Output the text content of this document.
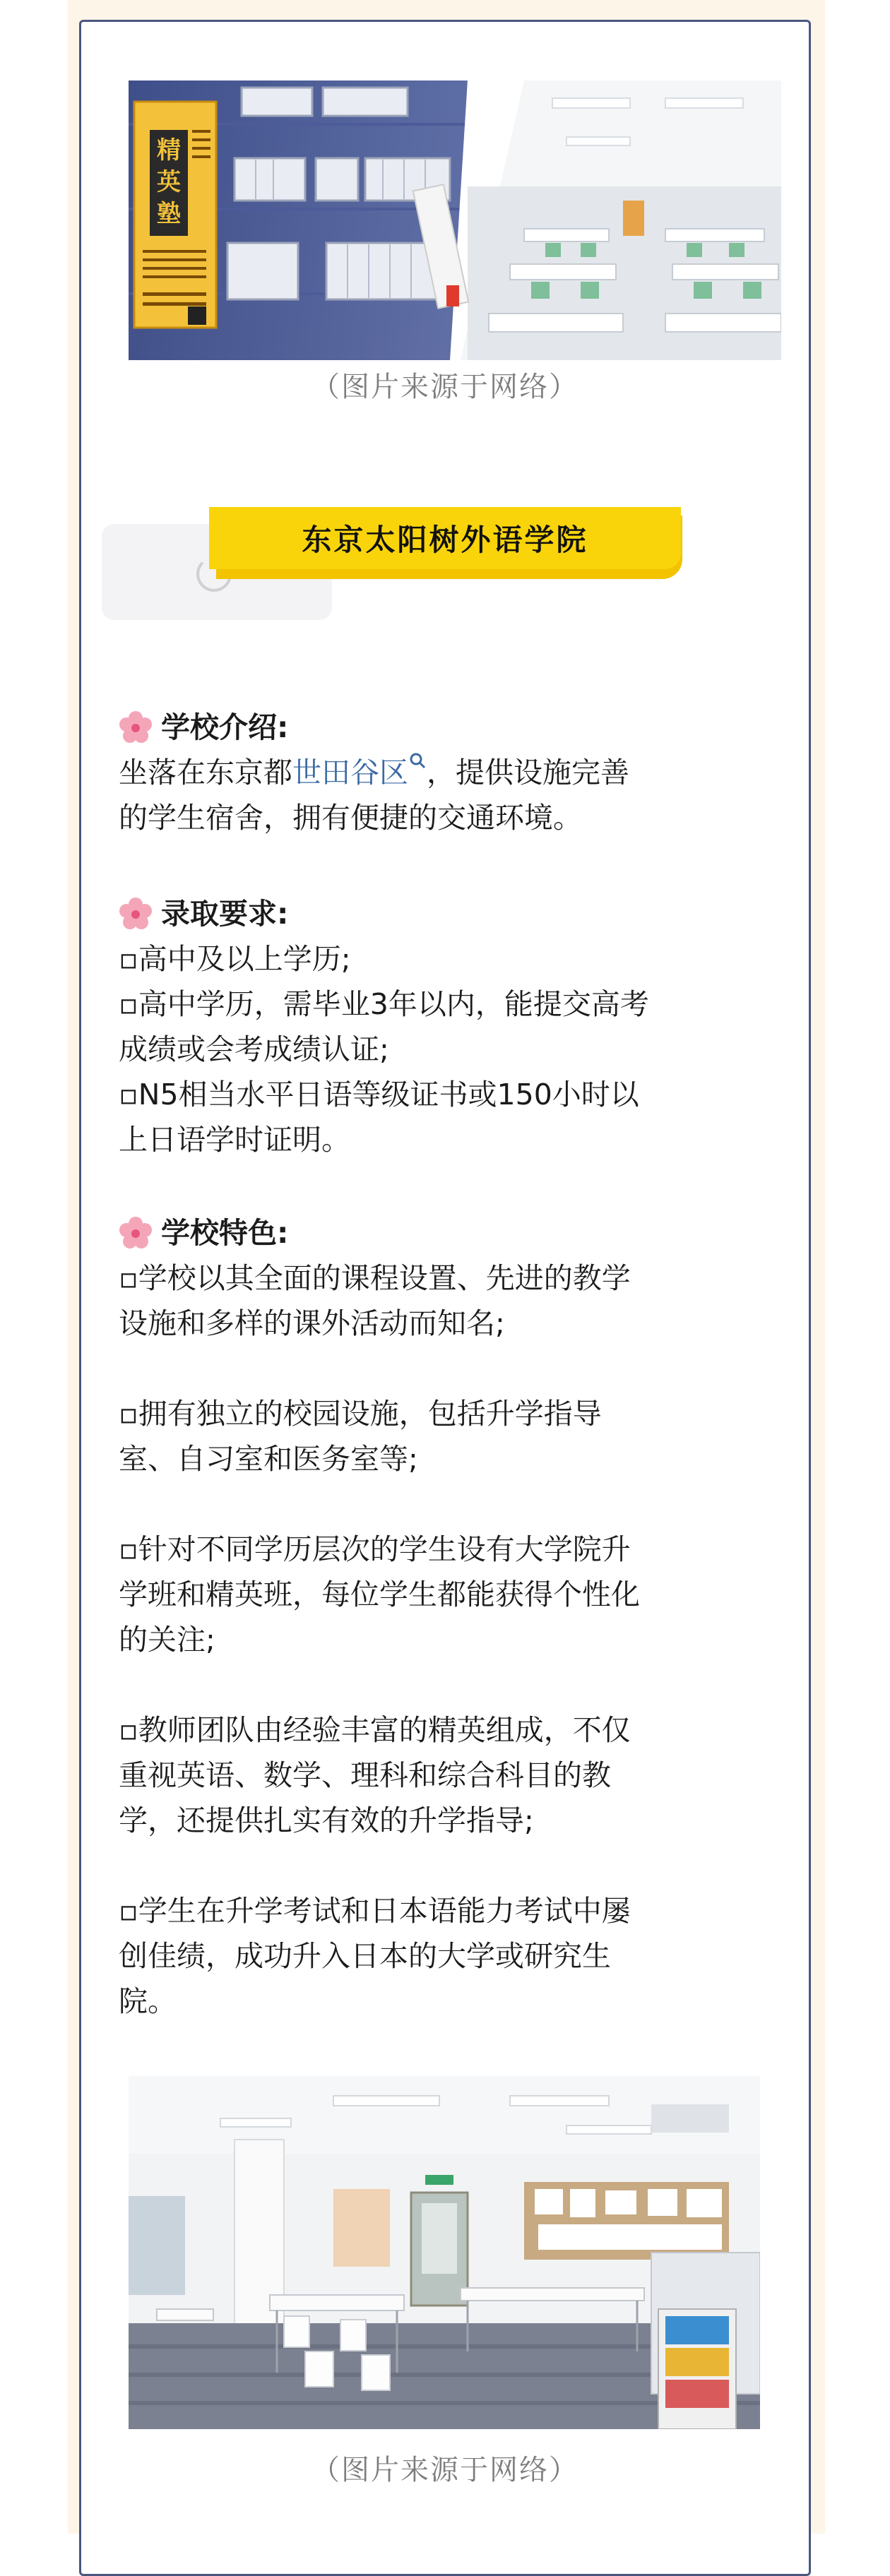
精
英
塾
（图片来源于网络）
东京太阳树外语学院
学校介绍:

坐落在东京都世田谷区 ，提供设施完善

的学生宿舍，拥有便捷的交通环境。

录取要求:

▫高中及以上学历;

▫高中学历，需毕业3年以内，能提交高考

成绩或会考成绩认证;

▫N5相当水平日语等级证书或150小时以

上日语学时证明。

学校特色:

▫学校以其全面的课程设置、先进的教学

设施和多样的课外活动而知名;

▫拥有独立的校园设施，包括升学指导

室、自习室和医务室等;

▫针对不同学历层次的学生设有大学院升

学班和精英班，每位学生都能获得个性化

的关注;

▫教师团队由经验丰富的精英组成，不仅

重视英语、数学、理科和综合科目的教

学，还提供扎实有效的升学指导;

▫学生在升学考试和日本语能力考试中屡

创佳绩，成功升入日本的大学或研究生

院。

（图片来源于网络）
